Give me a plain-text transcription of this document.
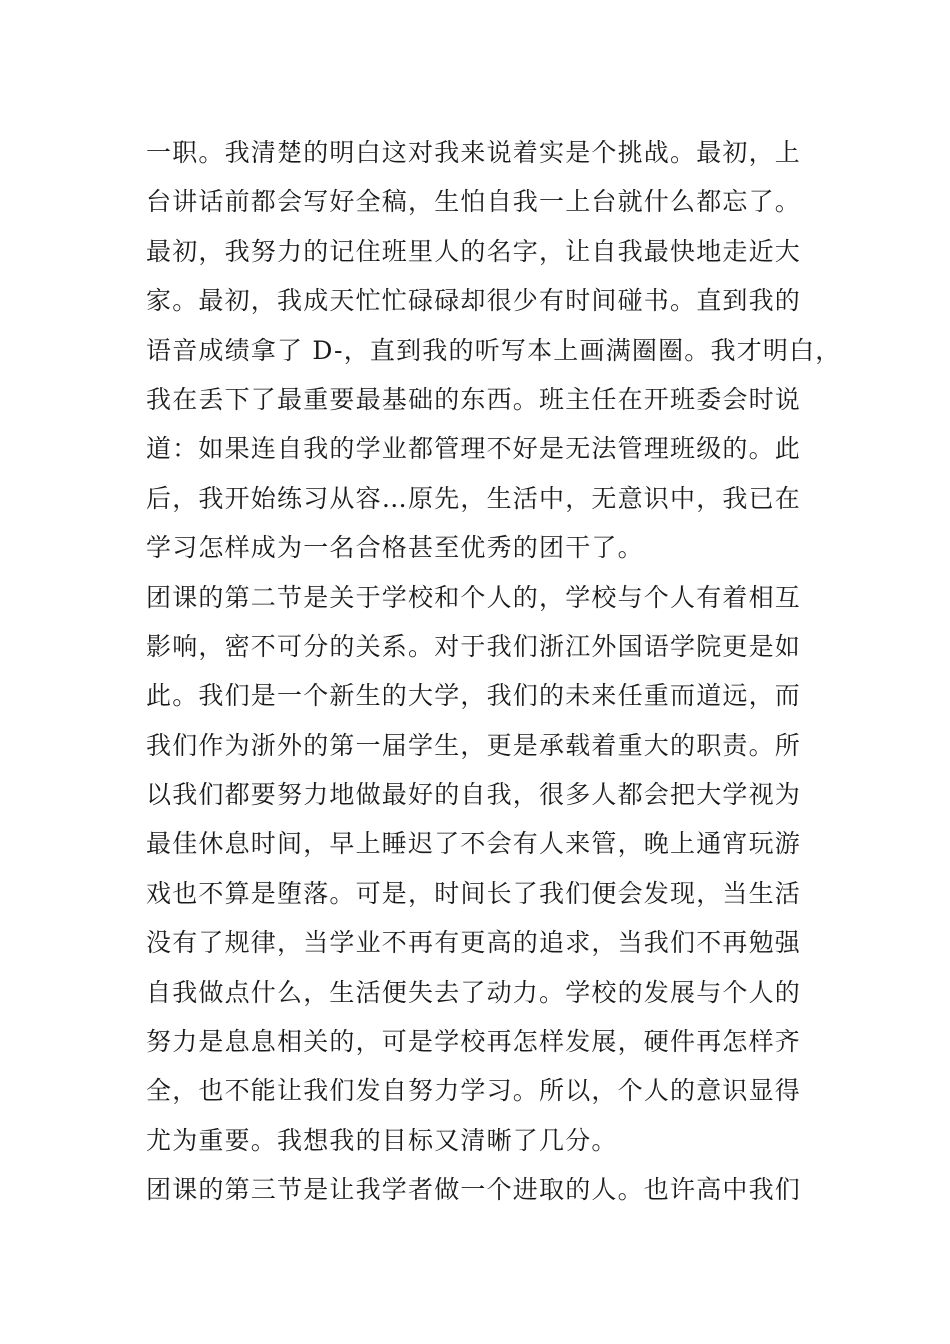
一职。我清楚的明白这对我来说着实是个挑战。最初，上
台讲话前都会写好全稿，生怕自我一上台就什么都忘了。
最初，我努力的记住班里人的名字，让自我最快地走近大
家。最初，我成天忙忙碌碌却很少有时间碰书。直到我的
语音成绩拿了 D-，直到我的听写本上画满圈圈。我才明白，
我在丢下了最重要最基础的东西。班主任在开班委会时说
道：如果连自我的学业都管理不好是无法管理班级的。此
后，我开始练习从容…原先，生活中，无意识中，我已在
学习怎样成为一名合格甚至优秀的团干了。
团课的第二节是关于学校和个人的，学校与个人有着相互
影响，密不可分的关系。对于我们浙江外国语学院更是如
此。我们是一个新生的大学，我们的未来任重而道远，而
我们作为浙外的第一届学生，更是承载着重大的职责。所
以我们都要努力地做最好的自我，很多人都会把大学视为
最佳休息时间，早上睡迟了不会有人来管，晚上通宵玩游
戏也不算是堕落。可是，时间长了我们便会发现，当生活
没有了规律，当学业不再有更高的追求，当我们不再勉强
自我做点什么，生活便失去了动力。学校的发展与个人的
努力是息息相关的，可是学校再怎样发展，硬件再怎样齐
全，也不能让我们发自努力学习。所以，个人的意识显得
尤为重要。我想我的目标又清晰了几分。
团课的第三节是让我学者做一个进取的人。也许高中我们
